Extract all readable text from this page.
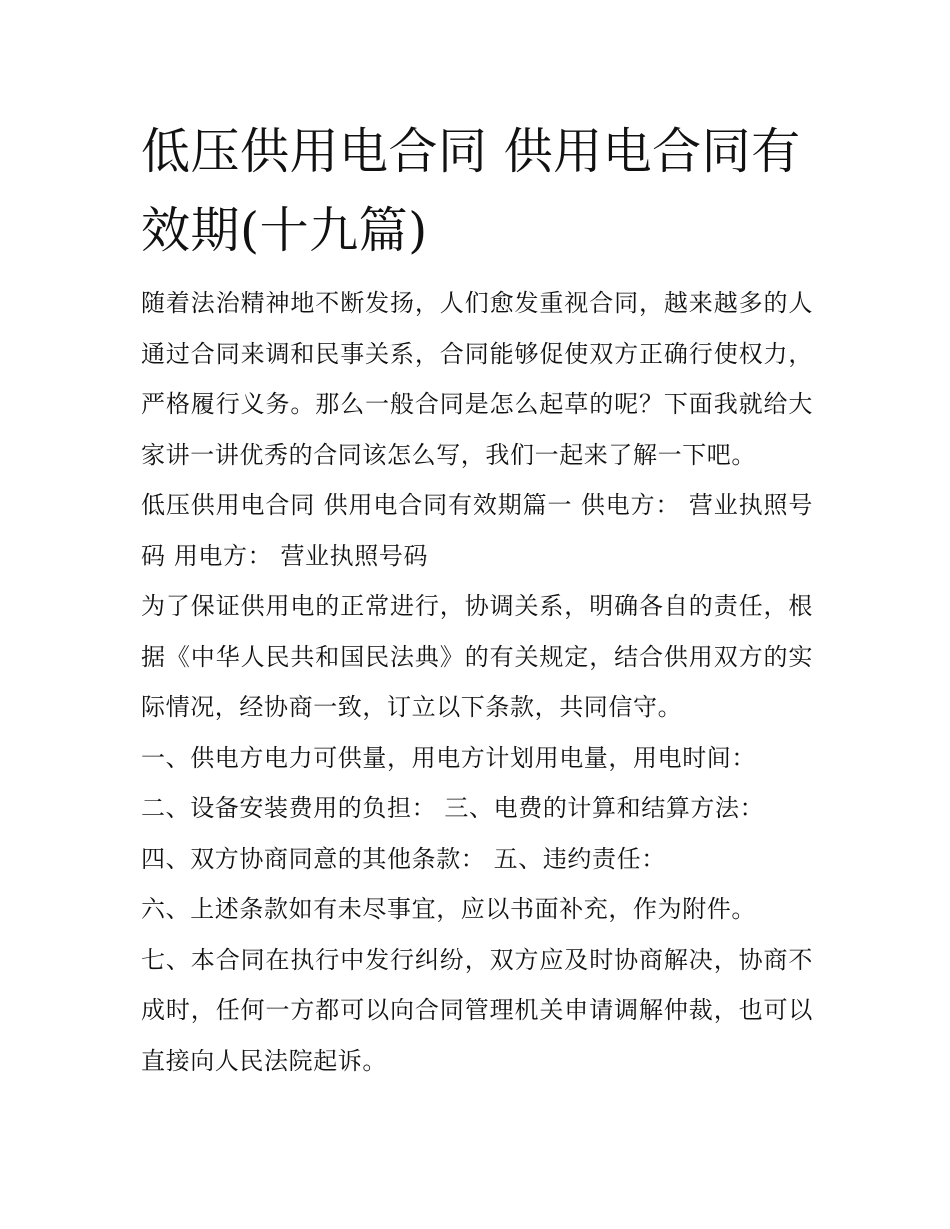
低压供用电合同 供用电合同有效期(十九篇)

随着法治精神地不断发扬，人们愈发重视合同，越来越多的人通过合同来调和民事关系，合同能够促使双方正确行使权力，严格履行义务。那么一般合同是怎么起草的呢？下面我就给大家讲一讲优秀的合同该怎么写，我们一起来了解一下吧。

低压供用电合同 供用电合同有效期篇一 供电方： 营业执照号码 用电方： 营业执照号码

为了保证供用电的正常进行，协调关系，明确各自的责任，根据《中华人民共和国民法典》的有关规定，结合供用双方的实际情况，经协商一致，订立以下条款，共同信守。

一、供电方电力可供量，用电方计划用电量，用电时间：

二、设备安装费用的负担： 三、电费的计算和结算方法：

四、双方协商同意的其他条款： 五、违约责任：

六、上述条款如有未尽事宜，应以书面补充，作为附件。

七、本合同在执行中发行纠纷，双方应及时协商解决，协商不成时，任何一方都可以向合同管理机关申请调解仲裁，也可以直接向人民法院起诉。
